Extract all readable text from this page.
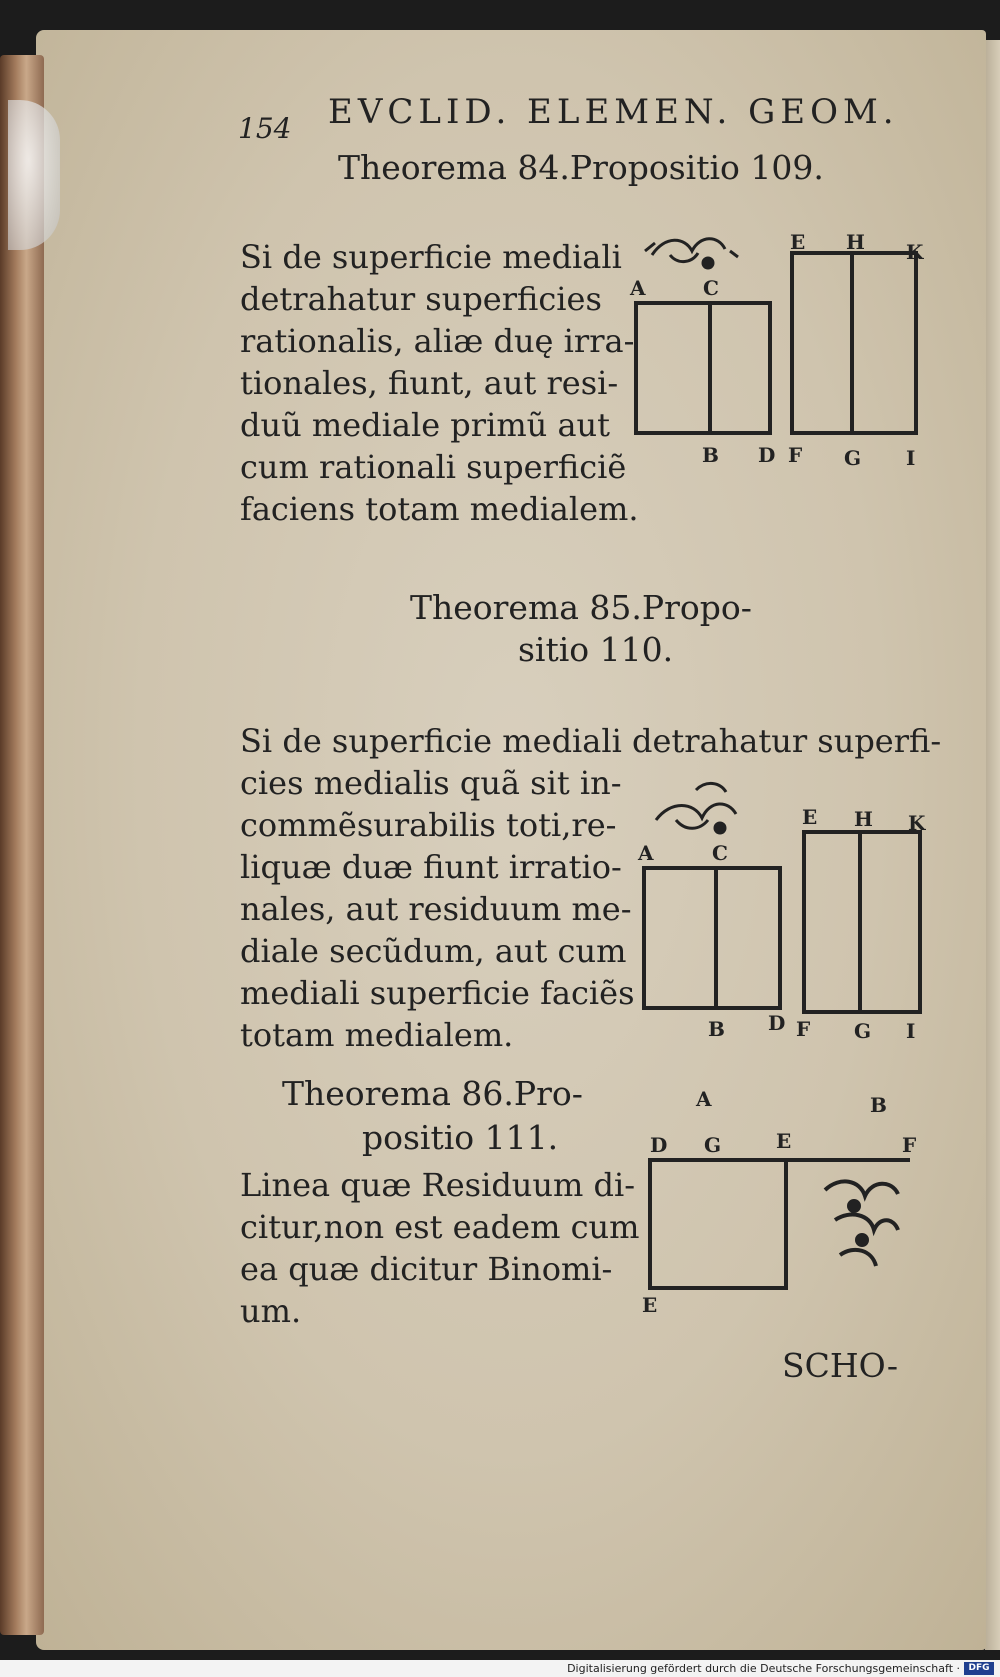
154 EVCLID. ELEMEN. GEOM.
Theorema 84.Propositio 109.
Si de superficie mediali
detrahatur superficies
rationalis, aliæ duę irra-
tionales, fiunt, aut resi-
duũ mediale primũ aut
cum rationali superficiẽ
faciens totam medialem.
A	C
B D
E H K
F G I
Theorema 85.Propo-
sitio 110.
Si de superficie mediali detrahatur superfi-
cies medialis quã sit in-
commẽsurabilis toti,re-
liquæ duæ fiunt irratio-
nales, aut residuum me-
diale secũdum, aut cum
mediali superficie faciẽs
totam medialem.
A	C
B D
E H K
F G I
Theorema 86.Pro-
positio 111.
Linea quæ Residuum di-
citur,non est eadem cum
ea quæ dicitur Binomi-
um.
A	B
D G	E	F
E
SCHO-
Digitalisierung gefördert durch die Deutsche Forschungsgemeinschaft · DFG
